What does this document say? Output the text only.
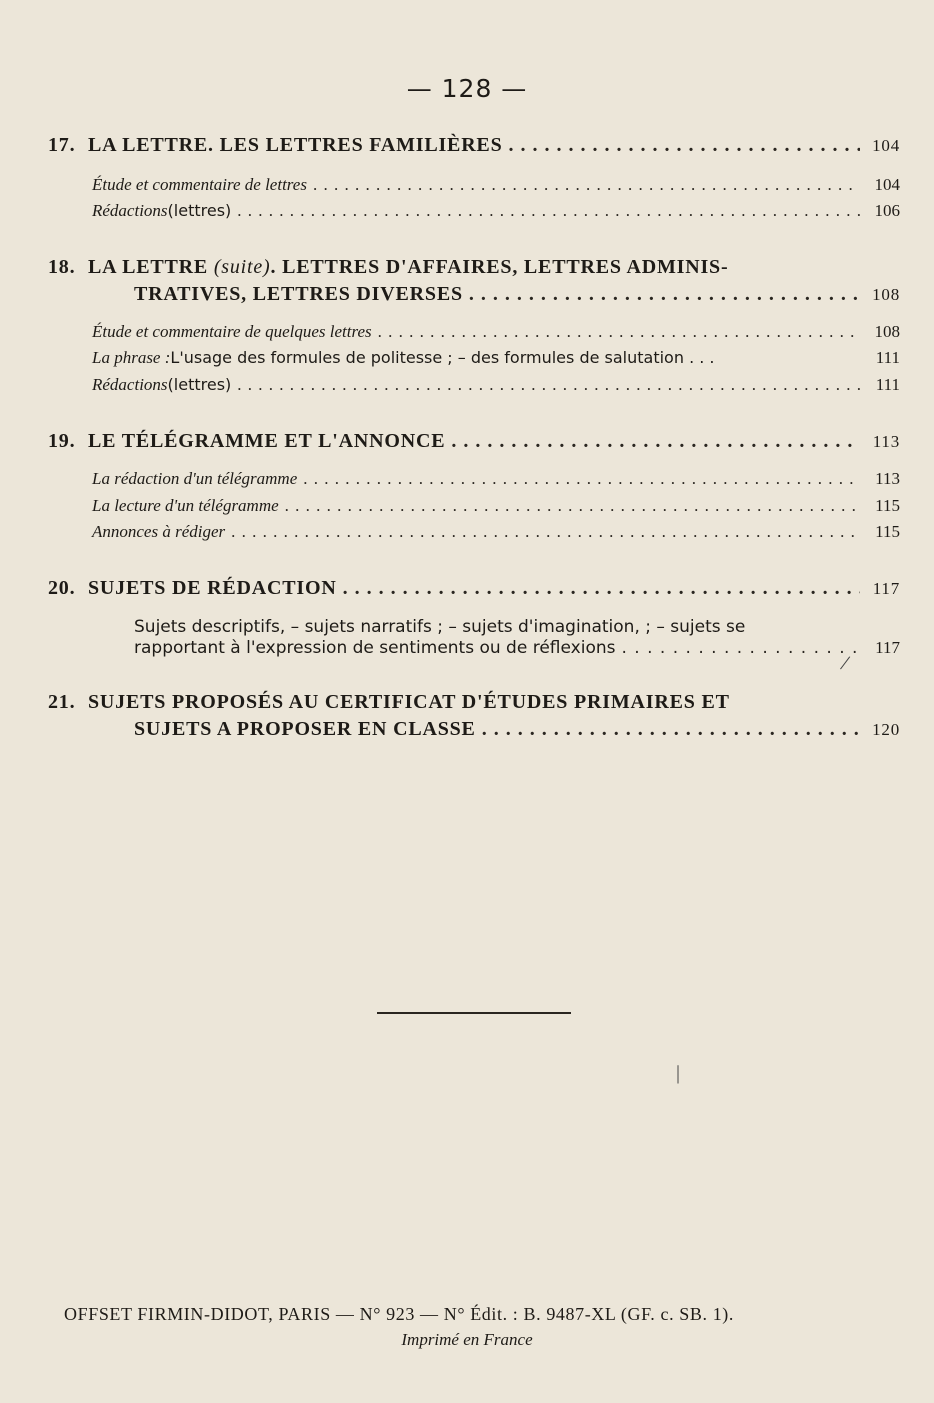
— 128 —
17. LA LETTRE. LES LETTRES FAMILIÈRES . . .	104
Étude et commentaire de lettres . . .	104
Rédactions (lettres) . . .	106
18. LA LETTRE (suite). LETTRES D'AFFAIRES, LETTRES ADMINIS-
TRATIVES, LETTRES DIVERSES . . .	108
Étude et commentaire de quelques lettres . . .	108
La phrase : L'usage des formules de politesse ; – des formules de salutation . . .	111
Rédactions (lettres) . . .	111
19. LE TÉLÉGRAMME ET L'ANNONCE . . .	113
La rédaction d'un télégramme . . .	113
La lecture d'un télégramme . . .	115
Annonces à rédiger . . .	115
20. SUJETS DE RÉDACTION . . .	117
Sujets descriptifs, – sujets narratifs ; – sujets d'imagination, ; – sujets se
rapportant à l'expression de sentiments ou de réflexions . . .	117
21. SUJETS PROPOSÉS AU CERTIFICAT D'ÉTUDES PRIMAIRES ET
SUJETS A PROPOSER EN CLASSE . . .	120
/
|
OFFSET FIRMIN-DIDOT, PARIS — N° 923 — N° Édit. : B. 9487-XL (GF. c. SB. 1).
Imprimé en France
